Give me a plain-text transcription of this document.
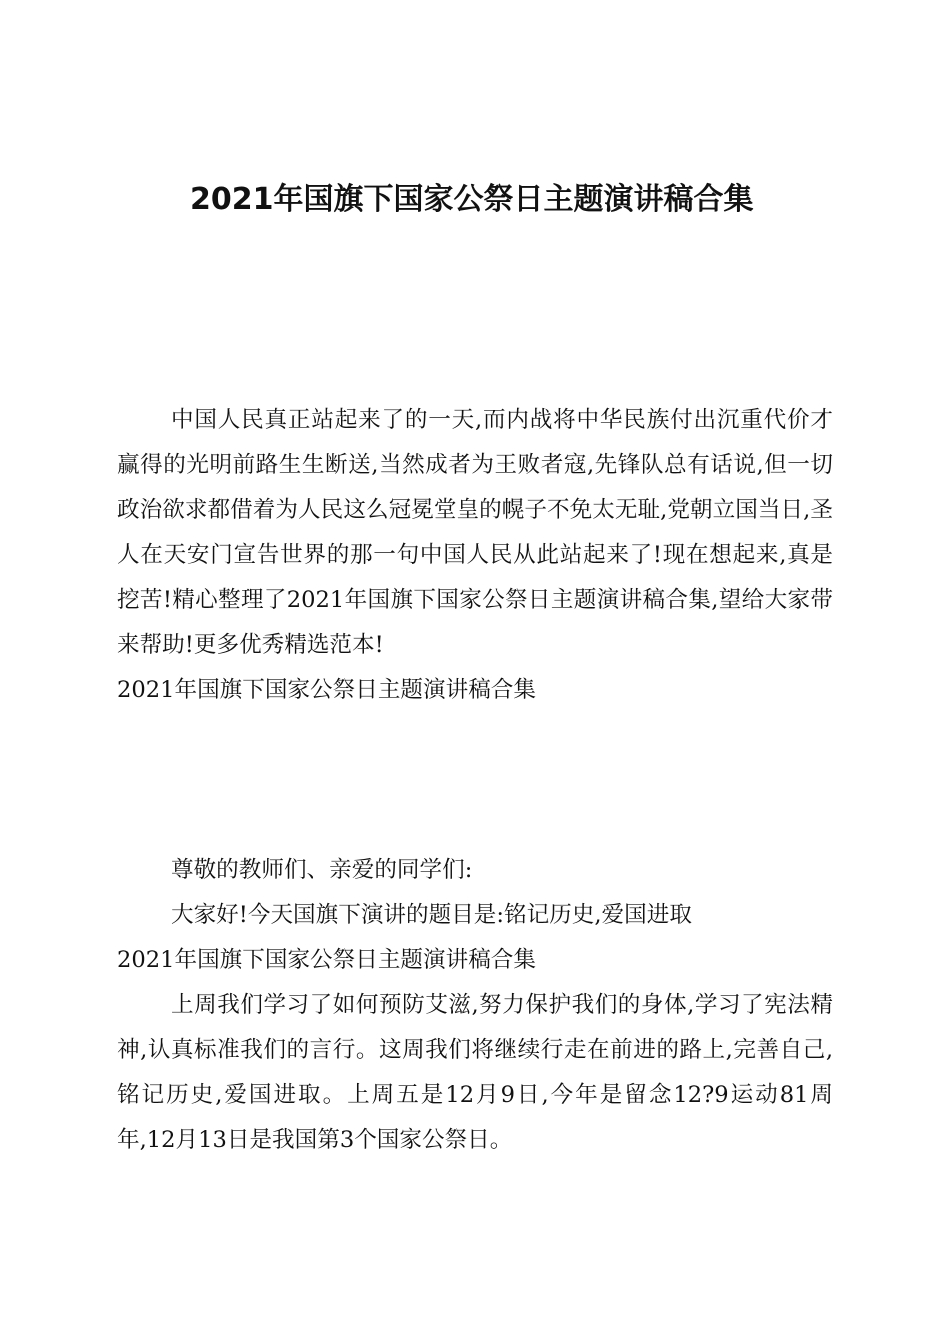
2021年国旗下国家公祭日主题演讲稿合集

中国人民真正站起来了的一天,而内战将中华民族付出沉重代价才赢得的光明前路生生断送,当然成者为王败者寇,先锋队总有话说,但一切政治欲求都借着为人民这么冠冕堂皇的幌子不免太无耻,党朝立国当日,圣人在天安门宣告世界的那一句中国人民从此站起来了!现在想起来,真是挖苦!精心整理了2021年国旗下国家公祭日主题演讲稿合集,望给大家带来帮助!更多优秀精选范本!

2021年国旗下国家公祭日主题演讲稿合集

尊敬的教师们、亲爱的同学们:

大家好!今天国旗下演讲的题目是:铭记历史,爱国进取

2021年国旗下国家公祭日主题演讲稿合集

上周我们学习了如何预防艾滋,努力保护我们的身体,学习了宪法精神,认真标准我们的言行。这周我们将继续行走在前进的路上,完善自己,铭记历史,爱国进取。上周五是12月9日,今年是留念12?9运动81周年,12月13日是我国第3个国家公祭日。
